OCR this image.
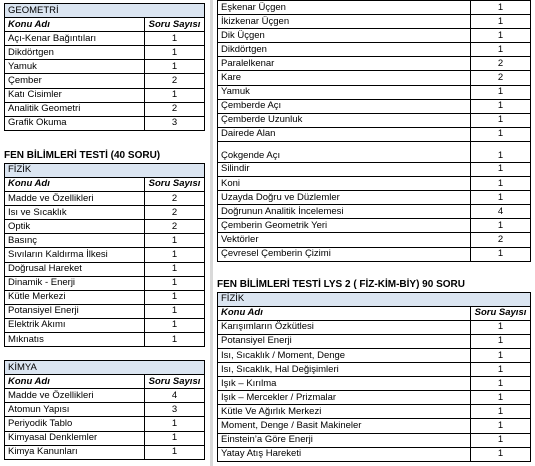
GEOMETRİ	
Konu Adı	Soru Sayısı
Açı-Kenar Bağıntıları	1
Dikdörtgen	1
Yamuk	1
Çember	2
Katı Cisimler	1
Analitik Geometri	2
Grafik Okuma	3
FEN BİLİMLERİ TESTİ (40 SORU)
FİZİK	
Konu Adı	Soru Sayısı
Madde ve Özellikleri	2
Isı ve Sıcaklık	2
Optik	2
Basınç	1
Sıvıların Kaldırma İlkesi	1
Doğrusal Hareket	1
Dinamik - Enerji	1
Kütle Merkezi	1
Potansiyel Enerji	1
Elektrik Akımı	1
Mıknatıs	1
KİMYA	
Konu Adı	Soru Sayısı
Madde ve Özellikleri	4
Atomun Yapısı	3
Periyodik Tablo	1
Kimyasal Denklemler	1
Kimya Kanunları	1
Eşkenar Üçgen	1
İkizkenar Üçgen	1
Dik Üçgen	1
Dikdörtgen	1
Paralelkenar	2
Kare	2
Yamuk	1
Çemberde Açı	1
Çemberde Uzunluk	1
Dairede Alan	1
Çokgende Açı	1
Silindir	1
Koni	1
Uzayda Doğru ve Düzlemler	1
Doğrunun Analitik İncelemesi	4
Çemberin Geometrik Yeri	1
Vektörler	2
Çevresel Çemberin Çizimi	1
FEN BİLİMLERİ TESTİ LYS 2 ( FİZ-KİM-BİY) 90 SORU
FİZİK	
Konu Adı	Soru Sayısı
Karışımların Özkütlesi	1
Potansiyel Enerji	1
Isı, Sıcaklık / Moment, Denge	1
Isı, Sıcaklık, Hal Değişimleri	1
Işık – Kırılma	1
Işık – Mercekler / Prizmalar	1
Kütle Ve Ağırlık Merkezi	1
Moment, Denge / Basit Makineler	1
Einstein’a Göre Enerji	1
Yatay Atış Hareketi	1
